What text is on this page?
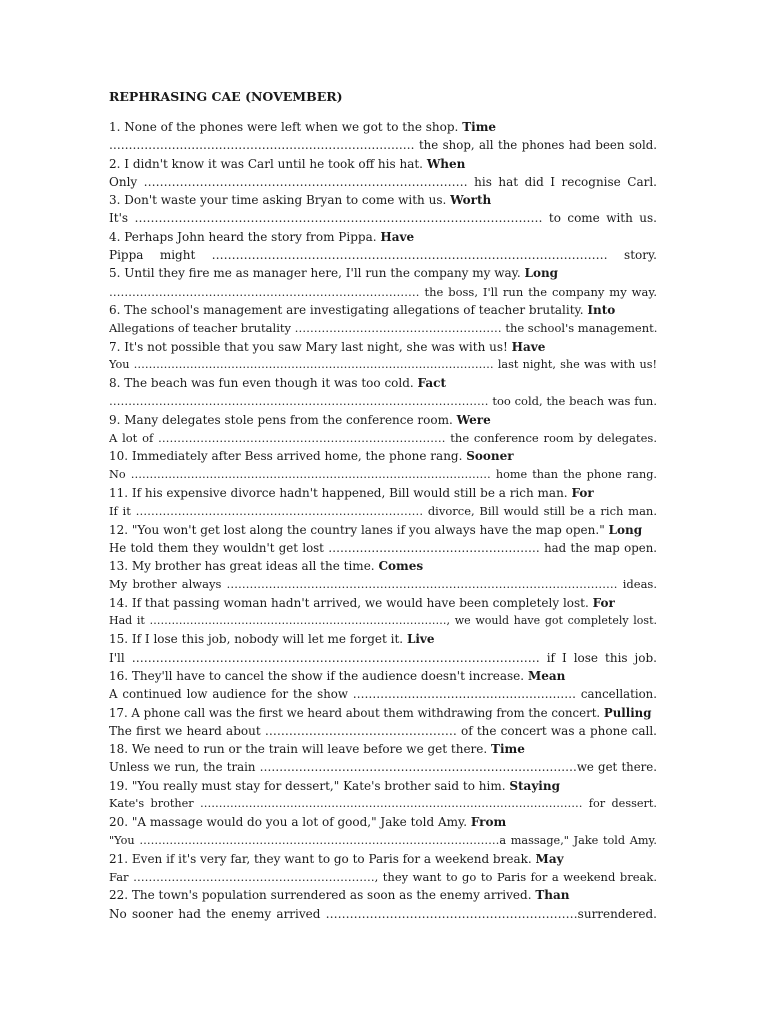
REPHRASING CAE (NOVEMBER)
1. None of the phones were left when we got to the shop. Time
…………………………………………………………………… the shop, all the phones had been sold.
2. I didn't know it was Carl until he took off his hat. When
Only ……………………………………………………………………… his hat did I recognise Carl.
3. Don't waste your time asking Bryan to come with us. Worth
It's ………………………………………………………………………………………… to come with us.
4. Perhaps John heard the story from Pippa. Have
Pippa might ……………………………………………………………………………………… story.
5. Until they fire me as manager here, I'll run the company my way. Long
……………………………………………………………………… the boss, I'll run the company my way.
6. The school's management are investigating allegations of teacher brutality. Into
Allegations of teacher brutality ……………………………………………… the school's management.
7. It's not possible that you saw Mary last night, she was with us! Have
You …………………………………………………………………………………… last night, she was with us!
8. The beach was fun even though it was too cold. Fact
……………………………………………………………………………………… too cold, the beach was fun.
9. Many delegates stole pens from the conference room. Were
A lot of ………………………………………………………………… the conference room by delegates.
10. Immediately after Bess arrived home, the phone rang. Sooner
No …………………………………………………………………………………… home than the phone rang.
11. If his expensive divorce hadn't happened, Bill would still be a rich man. For
If it ………………………………………………………………… divorce, Bill would still be a rich man.
12. "You won't get lost along the country lanes if you always have the map open." Long
He told them they wouldn't get lost ……………………………………………… had the map open.
13. My brother has great ideas all the time. Comes
My brother always ………………………………………………………………………………………… ideas.
14. If that passing woman hadn't arrived, we would have been completely lost. For
Had it ………………………………………………………………………, we would have got completely lost.
15. If I lose this job, nobody will let me forget it. Live
I'll ………………………………………………………………………………………… if I lose this job.
16. They'll have to cancel the show if the audience doesn't increase. Mean
A continued low audience for the show ………………………………………………… cancellation.
17. A phone call was the first we heard about them withdrawing from the concert. Pulling
The first we heard about ………………………………………… of the concert was a phone call.
18. We need to run or the train will leave before we get there. Time
Unless we run, the train ………………………………………………………………………we get there.
19. "You really must stay for dessert," Kate's brother said to him. Staying
Kate's brother ………………………………………………………………………………………… for dessert.
20. "A massage would do you a lot of good," Jake told Amy. From
"You ……………………………………………………………………………………a massage," Jake told Amy.
21. Even if it's very far, they want to go to Paris for a weekend break. May
Far ………………………………………………………, they want to go to Paris for a weekend break.
22. The town's population surrendered as soon as the enemy arrived. Than
No sooner had the enemy arrived ………………………………………………………surrendered.
